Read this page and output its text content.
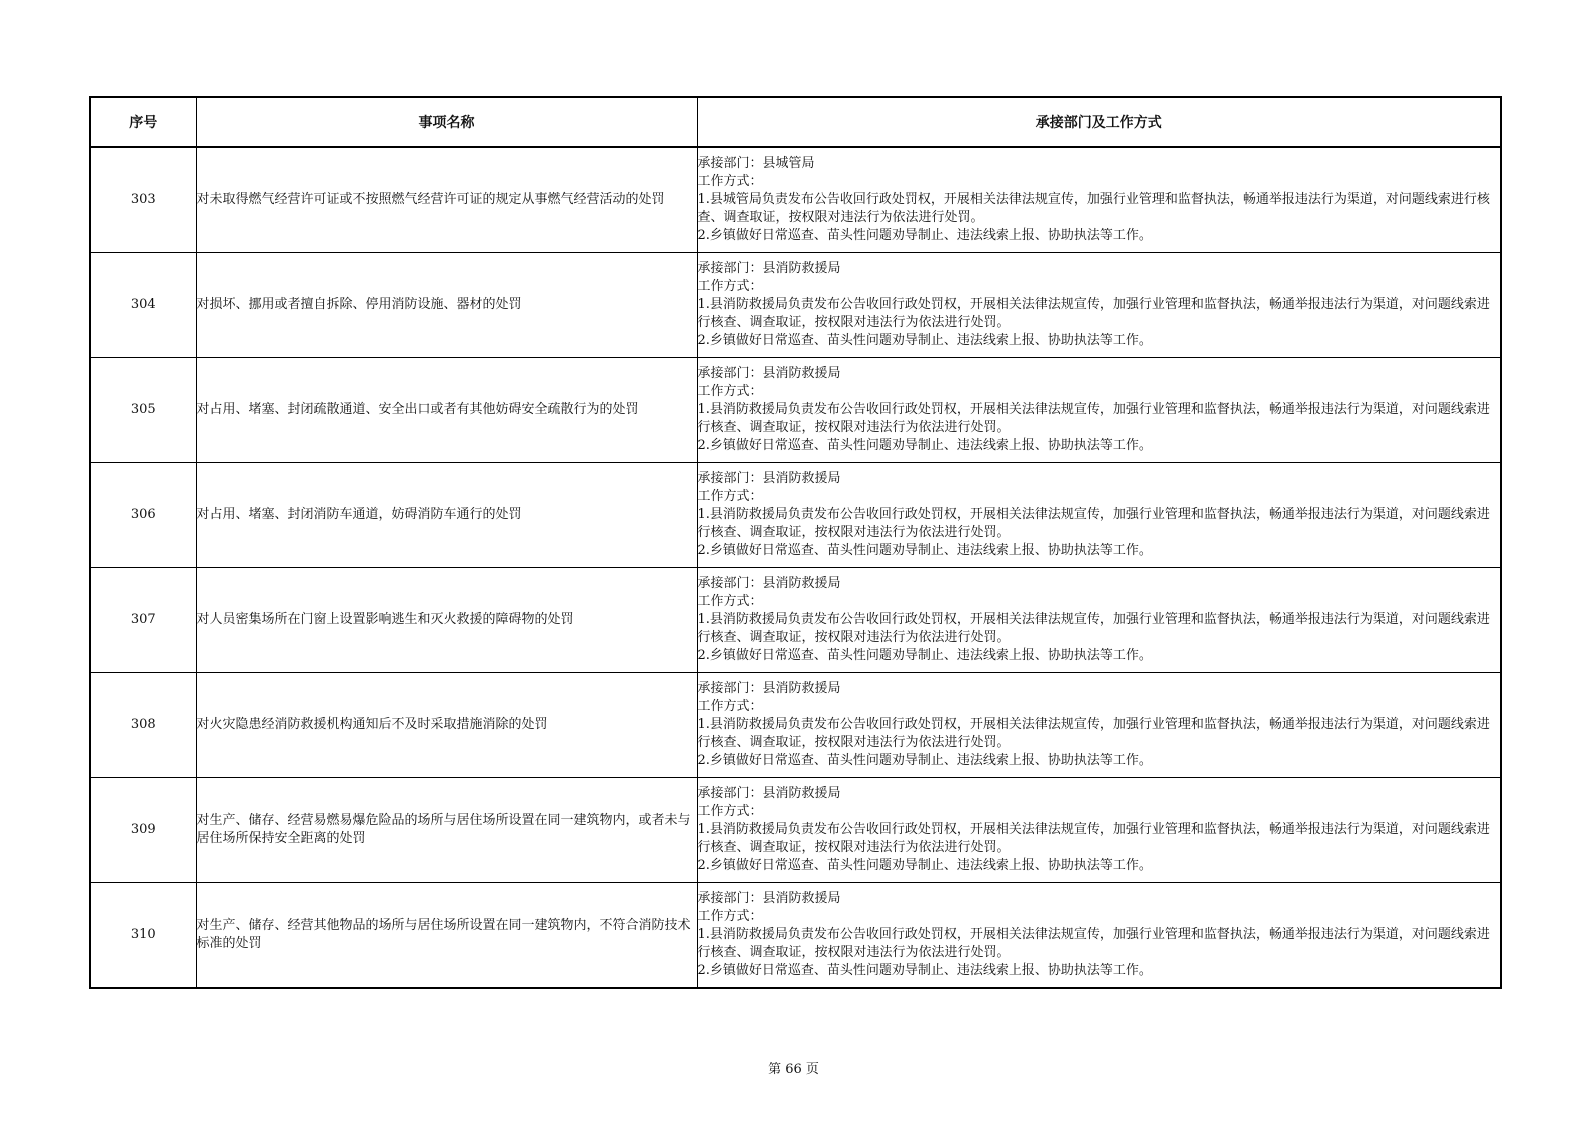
序号	事项名称	承接部门及工作方式
303	对未取得燃气经营许可证或不按照燃气经营许可证的规定从事燃气经营活动的处罚	承接部门：县城管局
工作方式：
1.县城管局负责发布公告收回行政处罚权，开展相关法律法规宣传，加强行业管理和监督执法，畅通举报违法行为渠道，对问题线索进行核查、调查取证，按权限对违法行为依法进行处罚。
2.乡镇做好日常巡查、苗头性问题劝导制止、违法线索上报、协助执法等工作。

304	对损坏、挪用或者擅自拆除、停用消防设施、器材的处罚	承接部门：县消防救援局
工作方式：
1.县消防救援局负责发布公告收回行政处罚权，开展相关法律法规宣传，加强行业管理和监督执法，畅通举报违法行为渠道，对问题线索进行核查、调查取证，按权限对违法行为依法进行处罚。
2.乡镇做好日常巡查、苗头性问题劝导制止、违法线索上报、协助执法等工作。

305	对占用、堵塞、封闭疏散通道、安全出口或者有其他妨碍安全疏散行为的处罚	承接部门：县消防救援局
工作方式：
1.县消防救援局负责发布公告收回行政处罚权，开展相关法律法规宣传，加强行业管理和监督执法，畅通举报违法行为渠道，对问题线索进行核查、调查取证，按权限对违法行为依法进行处罚。
2.乡镇做好日常巡查、苗头性问题劝导制止、违法线索上报、协助执法等工作。

306	对占用、堵塞、封闭消防车通道，妨碍消防车通行的处罚	承接部门：县消防救援局
工作方式：
1.县消防救援局负责发布公告收回行政处罚权，开展相关法律法规宣传，加强行业管理和监督执法，畅通举报违法行为渠道，对问题线索进行核查、调查取证，按权限对违法行为依法进行处罚。
2.乡镇做好日常巡查、苗头性问题劝导制止、违法线索上报、协助执法等工作。

307	对人员密集场所在门窗上设置影响逃生和灭火救援的障碍物的处罚	承接部门：县消防救援局
工作方式：
1.县消防救援局负责发布公告收回行政处罚权，开展相关法律法规宣传，加强行业管理和监督执法，畅通举报违法行为渠道，对问题线索进行核查、调查取证，按权限对违法行为依法进行处罚。
2.乡镇做好日常巡查、苗头性问题劝导制止、违法线索上报、协助执法等工作。

308	对火灾隐患经消防救援机构通知后不及时采取措施消除的处罚	承接部门：县消防救援局
工作方式：
1.县消防救援局负责发布公告收回行政处罚权，开展相关法律法规宣传，加强行业管理和监督执法，畅通举报违法行为渠道，对问题线索进行核查、调查取证，按权限对违法行为依法进行处罚。
2.乡镇做好日常巡查、苗头性问题劝导制止、违法线索上报、协助执法等工作。

309	对生产、储存、经营易燃易爆危险品的场所与居住场所设置在同一建筑物内，或者未与居住场所保持安全距离的处罚	承接部门：县消防救援局
工作方式：
1.县消防救援局负责发布公告收回行政处罚权，开展相关法律法规宣传，加强行业管理和监督执法，畅通举报违法行为渠道，对问题线索进行核查、调查取证，按权限对违法行为依法进行处罚。
2.乡镇做好日常巡查、苗头性问题劝导制止、违法线索上报、协助执法等工作。

310	对生产、储存、经营其他物品的场所与居住场所设置在同一建筑物内，不符合消防技术标准的处罚	承接部门：县消防救援局
工作方式：
1.县消防救援局负责发布公告收回行政处罚权，开展相关法律法规宣传，加强行业管理和监督执法，畅通举报违法行为渠道，对问题线索进行核查、调查取证，按权限对违法行为依法进行处罚。
2.乡镇做好日常巡查、苗头性问题劝导制止、违法线索上报、协助执法等工作。
第 66 页
